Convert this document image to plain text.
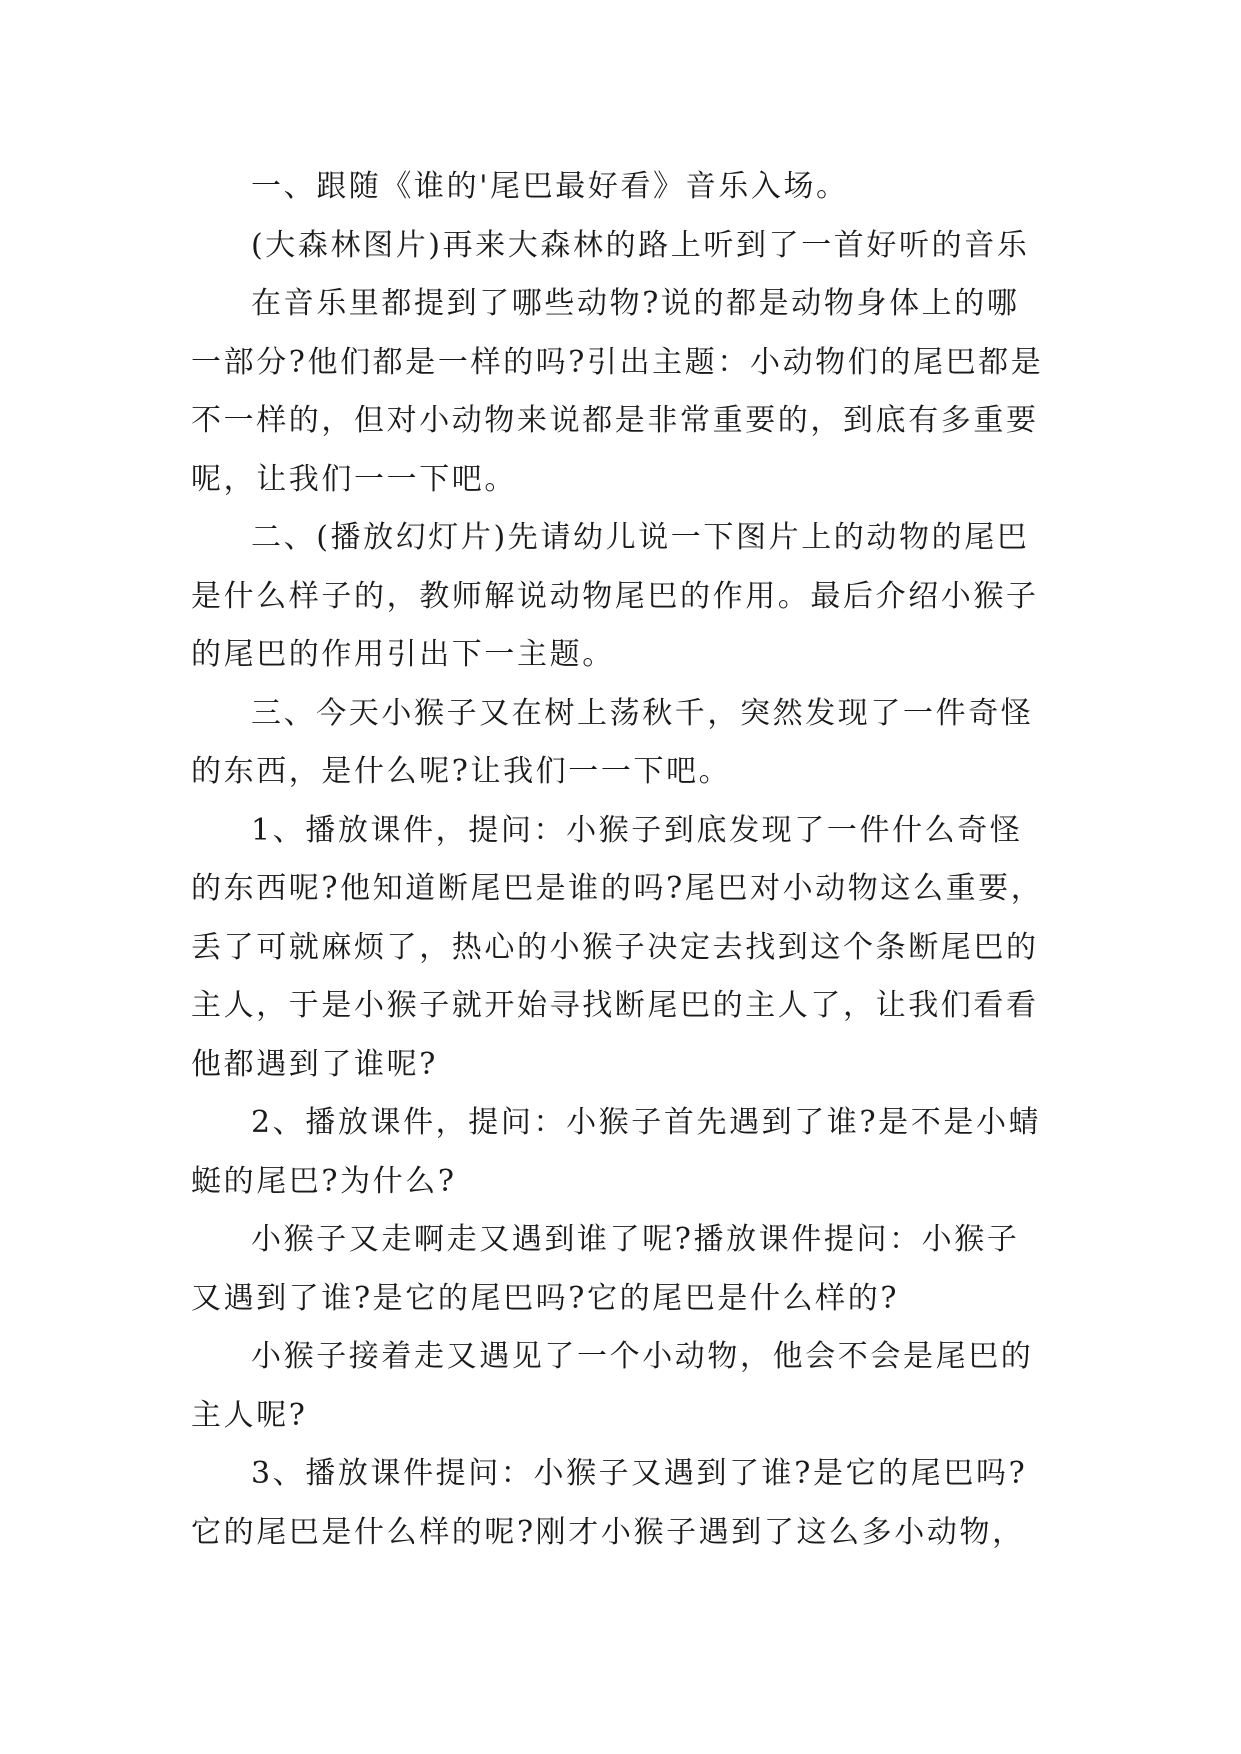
一、跟随《谁的'尾巴最好看》音乐入场。

(大森林图片)再来大森林的路上听到了一首好听的音乐

在音乐里都提到了哪些动物?说的都是动物身体上的哪
一部分?他们都是一样的吗?引出主题：小动物们的尾巴都是
不一样的，但对小动物来说都是非常重要的，到底有多重要
呢，让我们一一下吧。

二、(播放幻灯片)先请幼儿说一下图片上的动物的尾巴
是什么样子的，教师解说动物尾巴的作用。最后介绍小猴子
的尾巴的作用引出下一主题。

三、今天小猴子又在树上荡秋千，突然发现了一件奇怪
的东西，是什么呢?让我们一一下吧。

1、播放课件，提问：小猴子到底发现了一件什么奇怪
的东西呢?他知道断尾巴是谁的吗?尾巴对小动物这么重要，
丢了可就麻烦了，热心的小猴子决定去找到这个条断尾巴的
主人，于是小猴子就开始寻找断尾巴的主人了，让我们看看
他都遇到了谁呢?

2、播放课件，提问：小猴子首先遇到了谁?是不是小蜻
蜓的尾巴?为什么?

小猴子又走啊走又遇到谁了呢?播放课件提问：小猴子
又遇到了谁?是它的尾巴吗?它的尾巴是什么样的?

小猴子接着走又遇见了一个小动物，他会不会是尾巴的
主人呢?

3、播放课件提问：小猴子又遇到了谁?是它的尾巴吗?
它的尾巴是什么样的呢?刚才小猴子遇到了这么多小动物，
